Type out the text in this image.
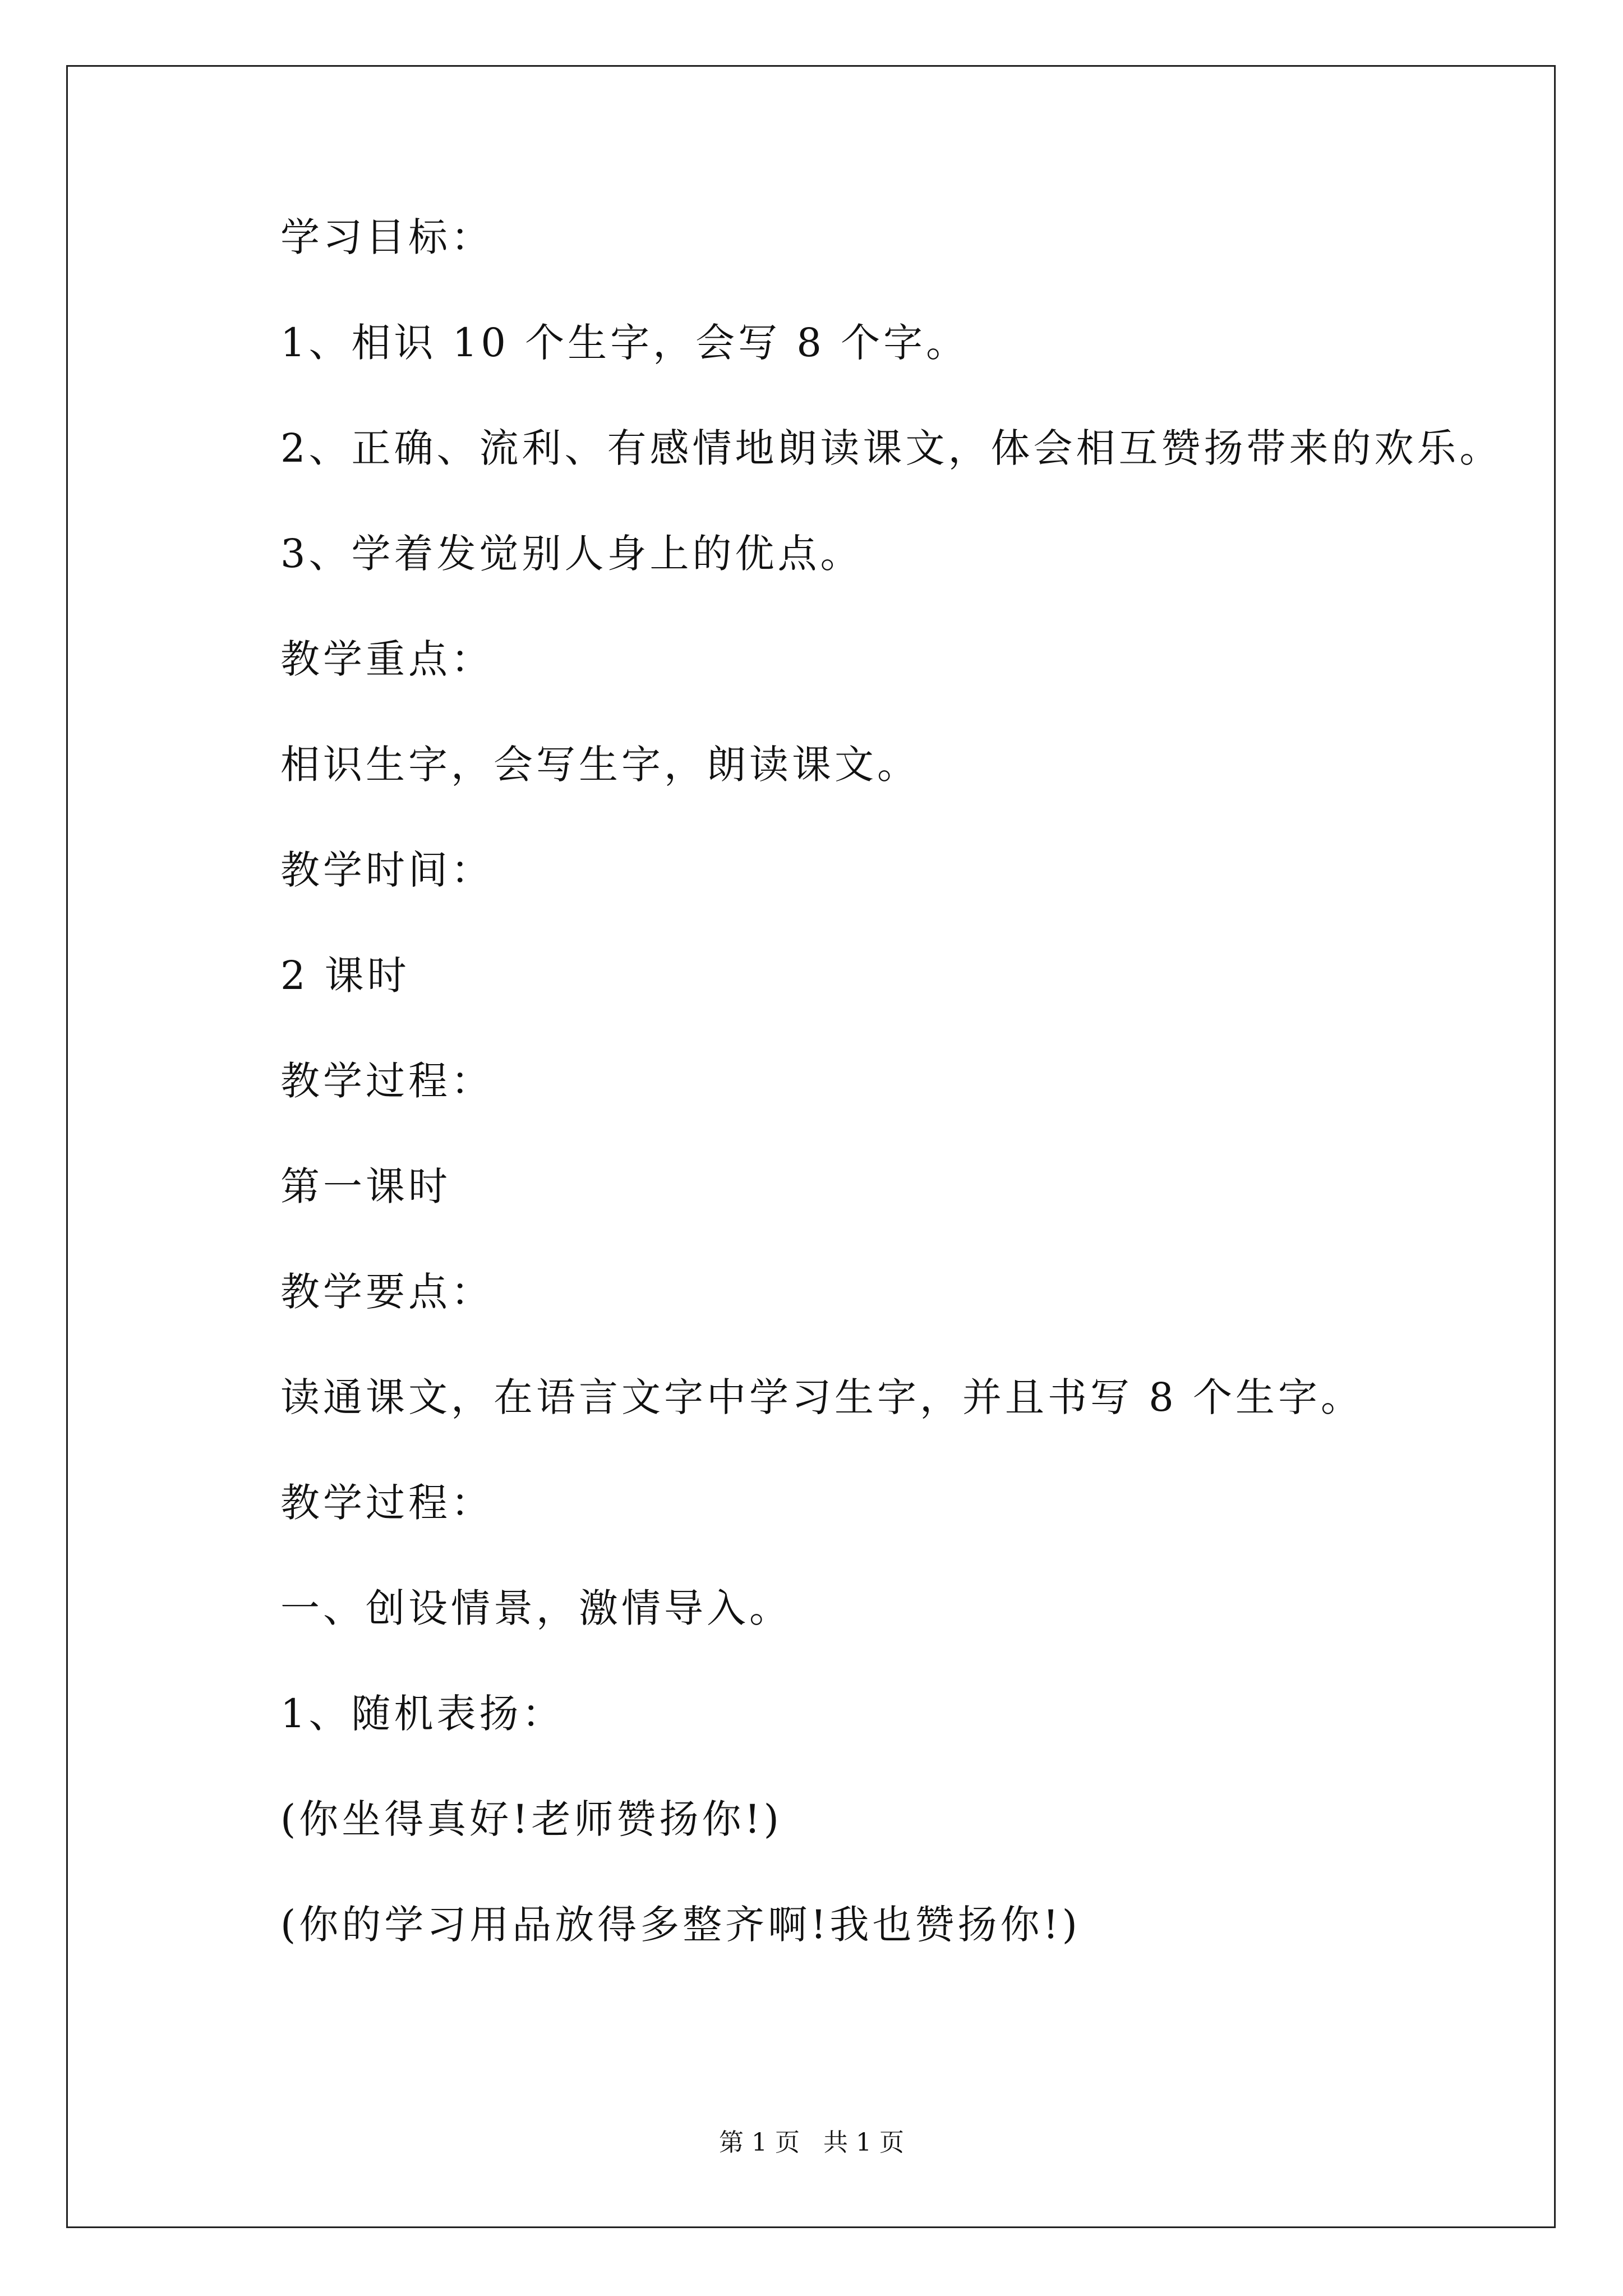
学习目标：
1、相识 10 个生字，会写 8 个字。
2、正确、流利、有感情地朗读课文，体会相互赞扬带来的欢乐。
3、学着发觉别人身上的优点。
教学重点：
相识生字，会写生字，朗读课文。
教学时间：
2 课时
教学过程：
第一课时
教学要点：
读通课文，在语言文字中学习生字，并且书写 8 个生字。
教学过程：
一、创设情景，激情导入。
1、随机表扬：
(你坐得真好!老师赞扬你!)
(你的学习用品放得多整齐啊!我也赞扬你!)
第 1 页   共 1 页
